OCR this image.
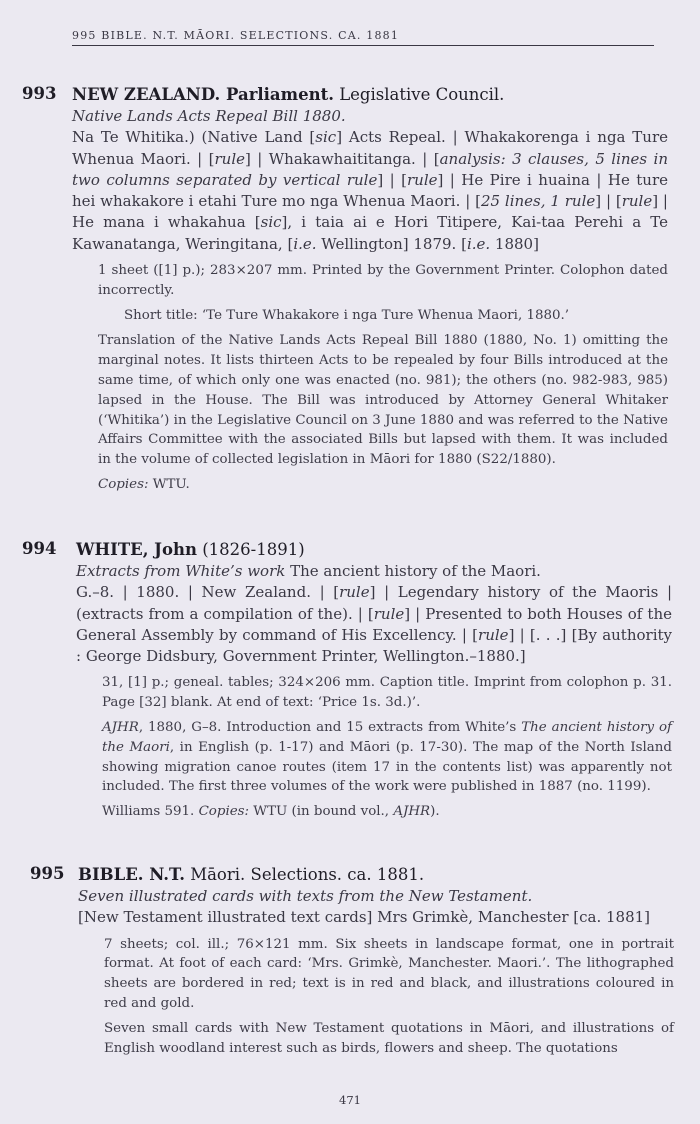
995 BIBLE. N.T. MĀORI. SELECTIONS. CA. 1881
993 NEW ZEALAND. Parliament. Legislative Council.
Native Lands Acts Repeal Bill 1880.
Na Te Whitika.) (Native Land [sic] Acts Repeal. | Whakakorenga i nga Ture Whenua Maori. | [rule] | Whakawhaititanga. | [analysis: 3 clauses, 5 lines in two columns separated by vertical rule] | [rule] | He Pire i huaina | He ture hei whakakore i etahi Ture mo nga Whenua Maori. | [25 lines, 1 rule] | [rule] | He mana i whakahua [sic], i taia ai e Hori Titipere, Kai-taa Perehi a Te Kawanatanga, Weringitana, [i.e. Wellington] 1879. [i.e. 1880]

1 sheet ([1] p.); 283×207 mm. Printed by the Government Printer. Colophon dated incorrectly.

Short title: ‘Te Ture Whakakore i nga Ture Whenua Maori, 1880.’

Translation of the Native Lands Acts Repeal Bill 1880 (1880, No. 1) omitting the marginal notes. It lists thirteen Acts to be repealed by four Bills introduced at the same time, of which only one was enacted (no. 981); the others (no. 982-983, 985) lapsed in the House. The Bill was introduced by Attorney General Whitaker (‘Whitika’) in the Legislative Council on 3 June 1880 and was referred to the Native Affairs Committee with the associated Bills but lapsed with them. It was included in the volume of collected legislation in Māori for 1880 (S22/1880).

Copies: WTU.

994 WHITE, John (1826-1891)
Extracts from White’s work The ancient history of the Maori.
G.–8. | 1880. | New Zealand. | [rule] | Legendary history of the Maoris | (extracts from a compilation of the). | [rule] | Presented to both Houses of the General Assembly by command of His Excellency. | [rule] | [. . .] [By authority : George Didsbury, Government Printer, Wellington.–1880.]

31, [1] p.; geneal. tables; 324×206 mm. Caption title. Imprint from colophon p. 31. Page [32] blank. At end of text: ‘Price 1s. 3d.)’.

AJHR, 1880, G–8. Introduction and 15 extracts from White’s The ancient history of the Maori, in English (p. 1-17) and Māori (p. 17-30). The map of the North Island showing migration canoe routes (item 17 in the contents list) was apparently not included. The first three volumes of the work were published in 1887 (no. 1199).

Williams 591. Copies: WTU (in bound vol., AJHR).

995 BIBLE. N.T. Māori. Selections. ca. 1881.
Seven illustrated cards with texts from the New Testament.
[New Testament illustrated text cards] Mrs Grimkè, Manchester [ca. 1881]

7 sheets; col. ill.; 76×121 mm. Six sheets in landscape format, one in portrait format. At foot of each card: ‘Mrs. Grimkè, Manchester. Maori.’. The lithographed sheets are bordered in red; text is in red and black, and illustrations coloured in red and gold.

Seven small cards with New Testament quotations in Māori, and illustrations of English woodland interest such as birds, flowers and sheep. The quotations

471
